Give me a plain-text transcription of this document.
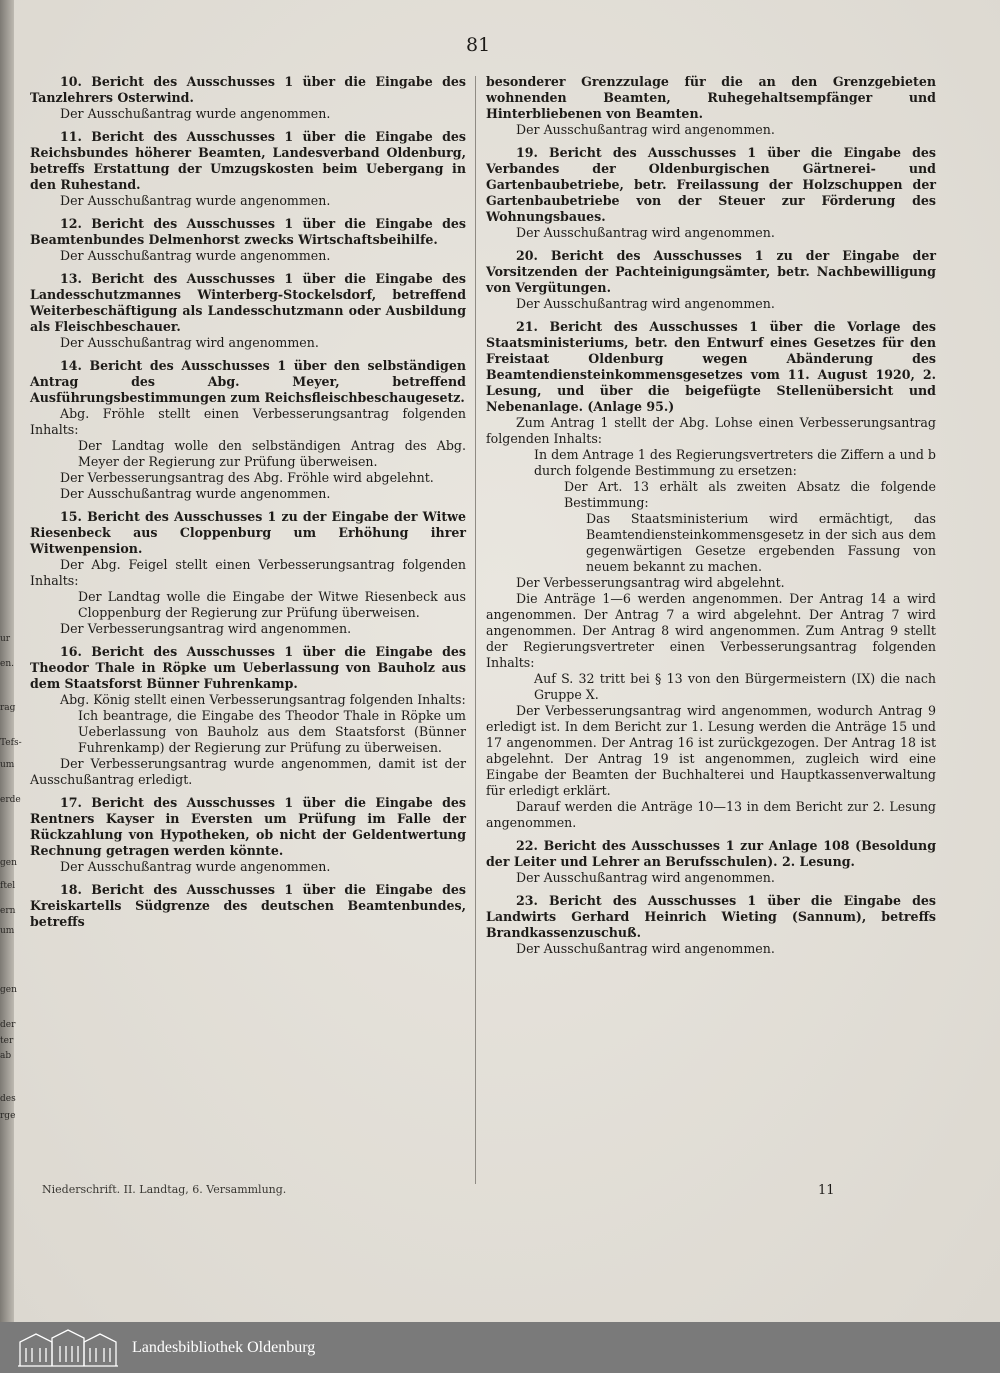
ur
en.
rag
Tefs-
um
erde
gen
ftel
ern
um
gen
der
ter
ab
des
rge
81

10. Bericht des Ausschusses 1 über die Eingabe des Tanzlehrers Osterwind.

Der Ausschußantrag wurde angenommen.

11. Bericht des Ausschusses 1 über die Eingabe des Reichsbundes höherer Beamten, Landesverband Oldenburg, betreffs Erstattung der Umzugskosten beim Uebergang in den Ruhestand.

Der Ausschußantrag wurde angenommen.

12. Bericht des Ausschusses 1 über die Eingabe des Beamtenbundes Delmenhorst zwecks Wirtschaftsbeihilfe.

Der Ausschußantrag wurde angenommen.

13. Bericht des Ausschusses 1 über die Eingabe des Landesschutzmannes Winterberg-Stockelsdorf, betreffend Weiterbeschäftigung als Landesschutzmann oder Ausbildung als Fleischbeschauer.

Der Ausschußantrag wird angenommen.

14. Bericht des Ausschusses 1 über den selbständigen Antrag des Abg. Meyer, betreffend Ausführungsbestimmungen zum Reichsfleischbeschaugesetz.

Abg. Fröhle stellt einen Verbesserungsantrag folgenden Inhalts:

Der Landtag wolle den selbständigen Antrag des Abg. Meyer der Regierung zur Prüfung überweisen.

Der Verbesserungsantrag des Abg. Fröhle wird abgelehnt.

Der Ausschußantrag wurde angenommen.

15. Bericht des Ausschusses 1 zu der Eingabe der Witwe Riesenbeck aus Cloppenburg um Erhöhung ihrer Witwenpension.

Der Abg. Feigel stellt einen Verbesserungsantrag folgenden Inhalts:

Der Landtag wolle die Eingabe der Witwe Riesenbeck aus Cloppenburg der Regierung zur Prüfung überweisen.

Der Verbesserungsantrag wird angenommen.

16. Bericht des Ausschusses 1 über die Eingabe des Theodor Thale in Röpke um Ueberlassung von Bauholz aus dem Staatsforst Bünner Fuhrenkamp.

Abg. König stellt einen Verbesserungsantrag folgenden Inhalts:

Ich beantrage, die Eingabe des Theodor Thale in Röpke um Ueberlassung von Bauholz aus dem Staatsforst (Bünner Fuhrenkamp) der Regierung zur Prüfung zu überweisen.

Der Verbesserungsantrag wurde angenommen, damit ist der Ausschußantrag erledigt.

17. Bericht des Ausschusses 1 über die Eingabe des Rentners Kayser in Eversten um Prüfung im Falle der Rückzahlung von Hypotheken, ob nicht der Geldentwertung Rechnung getragen werden könnte.

Der Ausschußantrag wurde angenommen.

18. Bericht des Ausschusses 1 über die Eingabe des Kreiskartells Südgrenze des deutschen Beamtenbundes, betreffs

besonderer Grenzzulage für die an den Grenzgebieten wohnenden Beamten, Ruhegehaltsempfänger und Hinterbliebenen von Beamten.

Der Ausschußantrag wird angenommen.

19. Bericht des Ausschusses 1 über die Eingabe des Verbandes der Oldenburgischen Gärtnerei- und Gartenbaubetriebe, betr. Freilassung der Holzschuppen der Gartenbaubetriebe von der Steuer zur Förderung des Wohnungsbaues.

Der Ausschußantrag wird angenommen.

20. Bericht des Ausschusses 1 zu der Eingabe der Vorsitzenden der Pachteinigungsämter, betr. Nachbewilligung von Vergütungen.

Der Ausschußantrag wird angenommen.

21. Bericht des Ausschusses 1 über die Vorlage des Staatsministeriums, betr. den Entwurf eines Gesetzes für den Freistaat Oldenburg wegen Abänderung des Beamtendiensteinkommensgesetzes vom 11. August 1920, 2. Lesung, und über die beigefügte Stellenübersicht und Nebenanlage. (Anlage 95.)

Zum Antrag 1 stellt der Abg. Lohse einen Verbesserungsantrag folgenden Inhalts:

In dem Antrage 1 des Regierungsvertreters die Ziffern a und b durch folgende Bestimmung zu ersetzen:

Der Art. 13 erhält als zweiten Absatz die folgende Bestimmung:

Das Staatsministerium wird ermächtigt, das Beamtendiensteinkommensgesetz in der sich aus dem gegenwärtigen Gesetze ergebenden Fassung von neuem bekannt zu machen.

Der Verbesserungsantrag wird abgelehnt.

Die Anträge 1—6 werden angenommen. Der Antrag 14 a wird angenommen. Der Antrag 7 a wird abgelehnt. Der Antrag 7 wird angenommen. Der Antrag 8 wird angenommen. Zum Antrag 9 stellt der Regierungsvertreter einen Verbesserungsantrag folgenden Inhalts:

Auf S. 32 tritt bei § 13 von den Bürgermeistern (IX) die nach Gruppe X.

Der Verbesserungsantrag wird angenommen, wodurch Antrag 9 erledigt ist. In dem Bericht zur 1. Lesung werden die Anträge 15 und 17 angenommen. Der Antrag 16 ist zurückgezogen. Der Antrag 18 ist abgelehnt. Der Antrag 19 ist angenommen, zugleich wird eine Eingabe der Beamten der Buchhalterei und Hauptkassenverwaltung für erledigt erklärt.

Darauf werden die Anträge 10—13 in dem Bericht zur 2. Lesung angenommen.

22. Bericht des Ausschusses 1 zur Anlage 108 (Besoldung der Leiter und Lehrer an Berufsschulen). 2. Lesung.

Der Ausschußantrag wird angenommen.

23. Bericht des Ausschusses 1 über die Eingabe des Landwirts Gerhard Heinrich Wieting (Sannum), betreffs Brandkassenzuschuß.

Der Ausschußantrag wird angenommen.

Niederschrift. II. Landtag, 6. Versammlung.	11
Landesbibliothek Oldenburg
